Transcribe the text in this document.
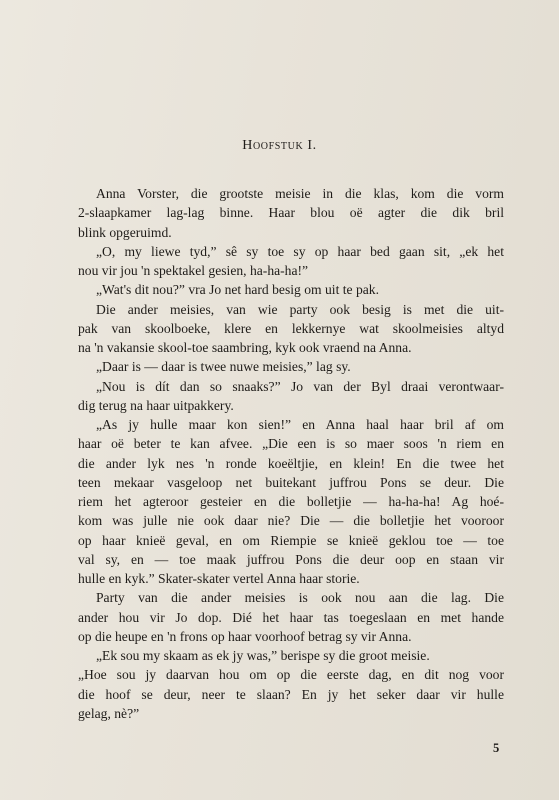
Hoofstuk I.
Anna Vorster, die grootste meisie in die klas, kom die vorm
2-slaapkamer lag-lag binne. Haar blou oë agter die dik bril
blink opgeruimd.
„O, my liewe tyd,” sê sy toe sy op haar bed gaan sit, „ek het
nou vir jou 'n spektakel gesien, ha-ha-ha!”
„Wat's dit nou?” vra Jo net hard besig om uit te pak.
Die ander meisies, van wie party ook besig is met die uit-
pak van skoolboeke, klere en lekkernye wat skoolmeisies altyd
na 'n vakansie skool-toe saambring, kyk ook vraend na Anna.
„Daar is — daar is twee nuwe meisies,” lag sy.
„Nou is dít dan so snaaks?” Jo van der Byl draai verontwaar-
dig terug na haar uitpakkery.
„As jy hulle maar kon sien!” en Anna haal haar bril af om
haar oë beter te kan afvee. „Die een is so maer soos 'n riem en
die ander lyk nes 'n ronde koeëltjie, en klein! En die twee het
teen mekaar vasgeloop net buitekant juffrou Pons se deur. Die
riem het agteroor gesteier en die bolletjie — ha-ha-ha! Ag hoé-
kom was julle nie ook daar nie? Die — die bolletjie het vooroor
op haar knieë geval, en om Riempie se knieë geklou toe — toe
val sy, en — toe maak juffrou Pons die deur oop en staan vir
hulle en kyk.” Skater-skater vertel Anna haar storie.
Party van die ander meisies is ook nou aan die lag. Die
ander hou vir Jo dop. Dié het haar tas toegeslaan en met hande
op die heupe en 'n frons op haar voorhoof betrag sy vir Anna.
„Ek sou my skaam as ek jy was,” berispe sy die groot meisie.
„Hoe sou jy daarvan hou om op die eerste dag, en dit nog voor
die hoof se deur, neer te slaan? En jy het seker daar vir hulle
gelag, nè?”
5
